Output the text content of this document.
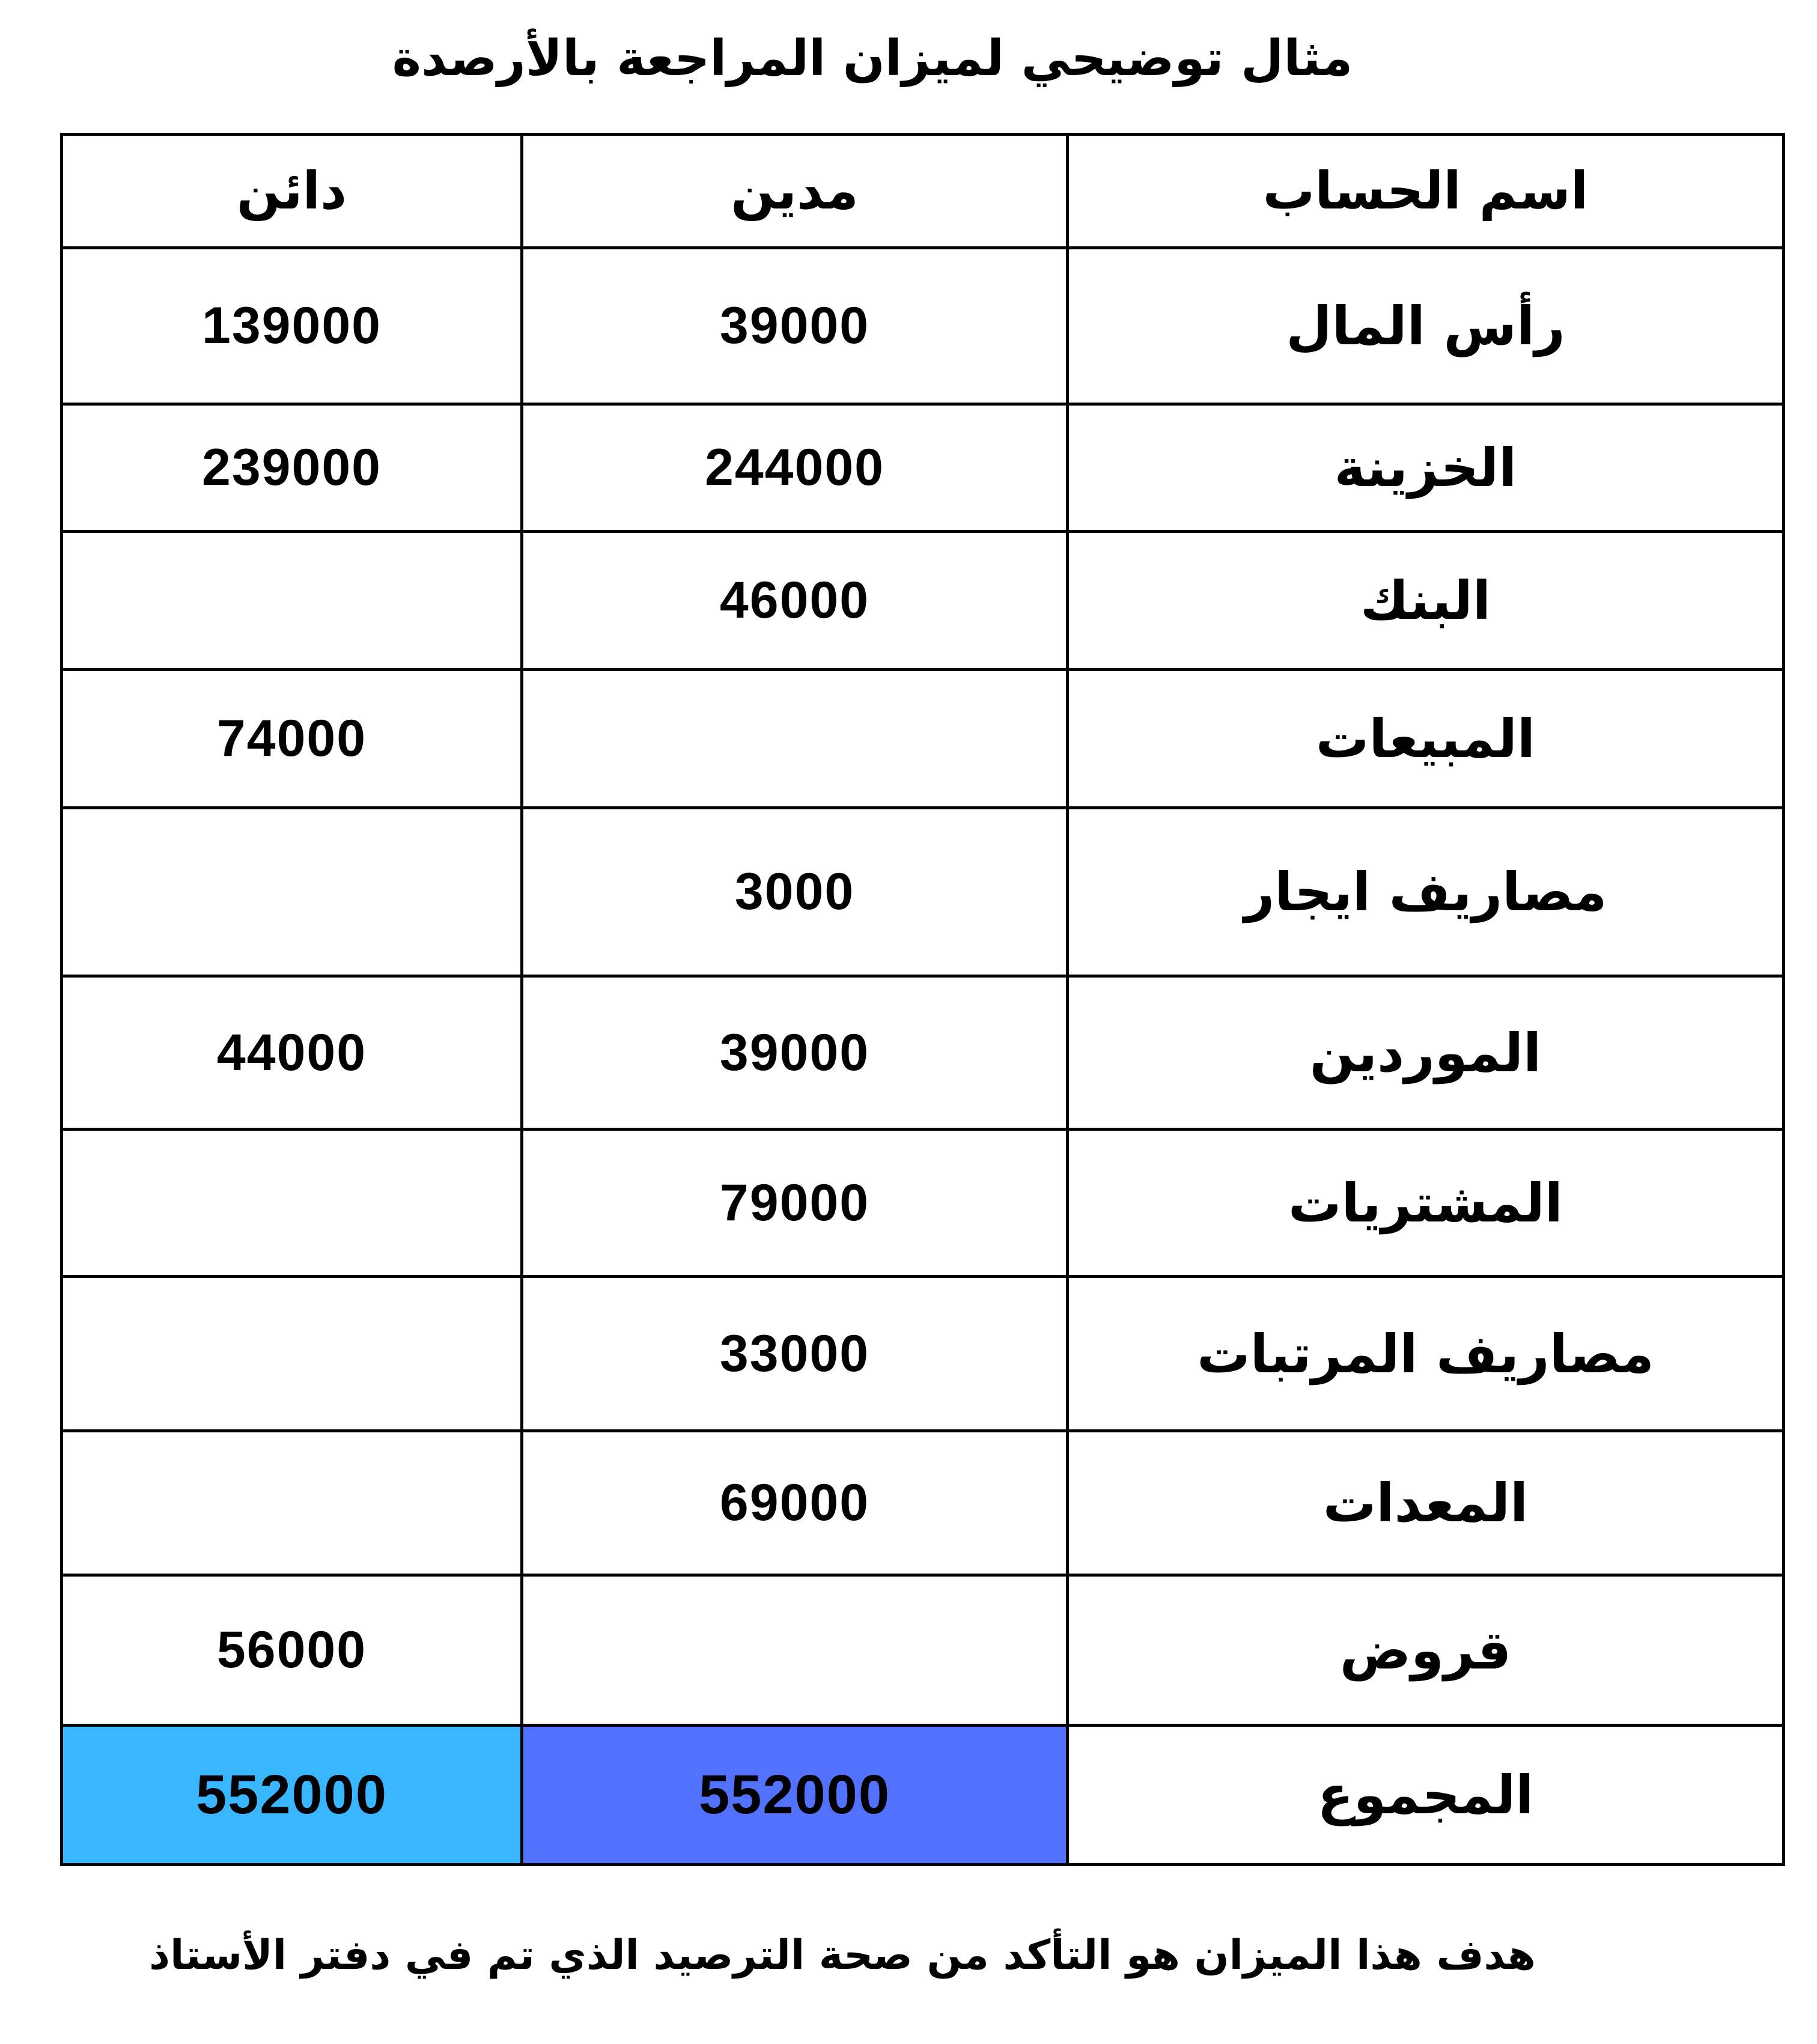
مثال توضيحي لميزان المراجعة بالأرصدة
دائن	مدين	اسم الحساب
139000	39000	رأس المال
239000	244000	الخزينة
	46000	البنك
74000		المبيعات
	3000	مصاريف ايجار
44000	39000	الموردين
	79000	المشتريات
	33000	مصاريف المرتبات
	69000	المعدات
56000		قروض
552000	552000	المجموع
هدف هذا الميزان هو التأكد من صحة الترصيد الذي تم في دفتر الأستاذ
